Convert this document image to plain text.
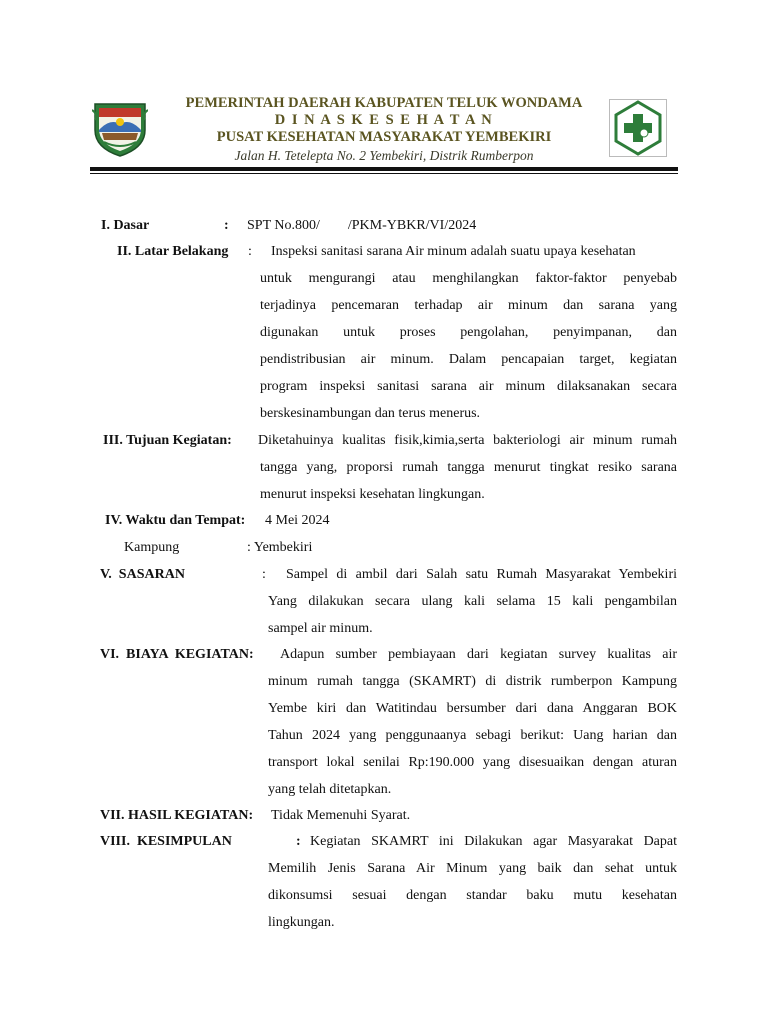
PEMERINTAH DAERAH KABUPATEN TELUK WONDAMA
D I N A S K E S E H A T A N
PUSAT KESEHATAN MASYARAKAT YEMBEKIRI
Jalan H. Tetelepta No. 2 Yembekiri, Distrik Rumberpon
I. Dasar	: SPT No.800/        /PKM-YBKR/VI/2024
II. Latar Belakang :	Inspeksi sanitasi sarana Air minum adalah suatu upaya kesehatan
untuk mengurangi atau menghilangkan faktor-faktor penyebab
terjadinya pencemaran terhadap air minum dan sarana yang
digunakan untuk proses pengolahan, penyimpanan, dan
pendistribusian air minum. Dalam pencapaian target, kegiatan
program inspeksi sanitasi sarana air minum dilaksanakan secara
berskesinambungan dan terus menerus.
III. Tujuan Kegiatan: Diketahuinya kualitas fisik,kimia,serta bakteriologi air minum rumah
tangga yang, proporsi rumah tangga menurut tingkat resiko sarana
menurut inspeksi kesehatan lingkungan.
IV. Waktu dan Tempat: 4 Mei 2024
Kampung	: Yembekiri
V.  SASARAN	:	Sampel di ambil dari Salah satu Rumah Masyarakat Yembekiri
Yang dilakukan secara ulang kali selama 15 kali pengambilan
sampel air minum.
VI.  BIAYA  KEGIATAN: Adapun sumber pembiayaan dari kegiatan survey kualitas air
minum rumah tangga (SKAMRT) di distrik rumberpon Kampung
Yembe kiri dan Watitindau bersumber dari dana Anggaran BOK
Tahun 2024 yang penggunaanya sebagi berikut: Uang harian dan
transport lokal senilai Rp:190.000 yang disesuaikan dengan aturan
yang telah ditetapkan.
VII. HASIL KEGIATAN: Tidak Memenuhi Syarat.
VIII.  KESIMPULAN	: Kegiatan SKAMRT ini Dilakukan agar Masyarakat Dapat
Memilih Jenis Sarana Air Minum yang baik dan sehat untuk
dikonsumsi sesuai dengan standar baku mutu kesehatan
lingkungan.
